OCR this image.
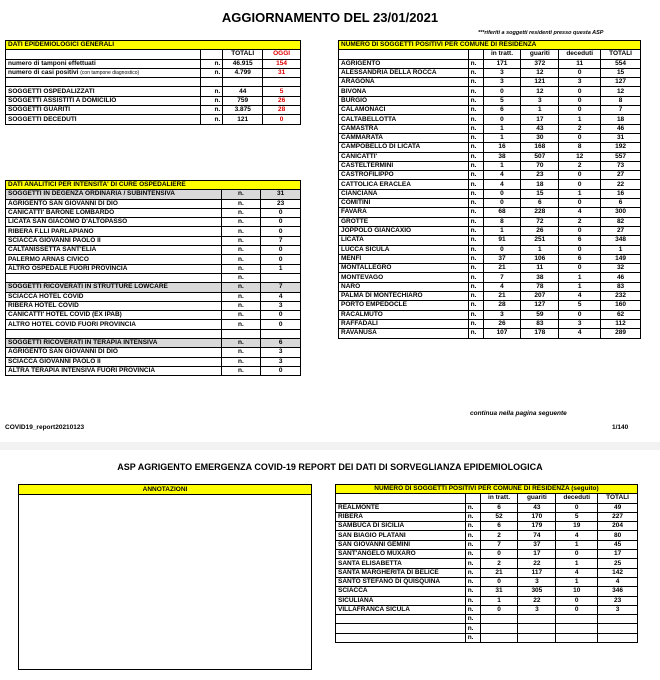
AGGIORNAMENTO DEL 23/01/2021
***riferiti a soggetti residenti presso questa ASP
DATI EPIDEMIOLOGICI GENERALI			
		TOTALI	OGGI
numero di tamponi effettuati	n.	46.915	154
numero di casi positivi (con tampone diagnostico)	n.	4.799	31

SOGGETTI OSPEDALIZZATI	n.	44	5
SOGGETTI ASSISTITI A DOMICILIO	n.	759	26
SOGGETTI GUARITI	n.	3.875	28
SOGGETTI DECEDUTI	n.	121	0
DATI ANALITICI PER INTENSITA' DI CURE OSPEDALIERE		
SOGGETTI IN DEGENZA ORDINARIA / SUBINTENSIVA	n.	31
AGRIGENTO SAN GIOVANNI DI DIO	n.	23
CANICATTI' BARONE LOMBARDO	n.	0
LICATA SAN GIACOMO D'ALTOPASSO	n.	0
RIBERA F.LLI PARLAPIANO	n.	0
SCIACCA GIOVANNI PAOLO II	n.	7
CALTANISSETTA SANT'ELIA	n.	0
PALERMO ARNAS CIVICO	n.	0
ALTRO OSPEDALE FUORI PROVINCIA	n.	1
	n.	
SOGGETTI RICOVERATI IN STRUTTURE LOWCARE	n.	7
SCIACCA HOTEL COVID	n.	4
RIBERA HOTEL COVID	n.	3
CANICATTI' HOTEL COVID (EX IPAB)	n.	0
ALTRO HOTEL COVID FUORI PROVINCIA	n.	0

SOGGETTI RICOVERATI IN TERAPIA INTENSIVA	n.	6
AGRIGENTO SAN GIOVANNI DI DIO	n.	3
SCIACCA GIOVANNI PAOLO II	n.	3
ALTRA TERAPIA INTENSIVA FUORI PROVINCIA	n.	0
NUMERO DI SOGGETTI POSITIVI PER COMUNE DI RESIDENZA					
		in tratt.	guariti	deceduti	TOTALI
AGRIGENTO	n.	171	372	11	554
ALESSANDRIA DELLA ROCCA	n.	3	12	0	15
ARAGONA	n.	3	121	3	127
BIVONA	n.	0	12	0	12
BURGIO	n.	5	3	0	8
CALAMONACI	n.	6	1	0	7
CALTABELLOTTA	n.	0	17	1	18
CAMASTRA	n.	1	43	2	46
CAMMARATA	n.	1	30	0	31
CAMPOBELLO DI LICATA	n.	16	168	8	192
CANICATTI'	n.	38	507	12	557
CASTELTERMINI	n.	1	70	2	73
CASTROFILIPPO	n.	4	23	0	27
CATTOLICA ERACLEA	n.	4	18	0	22
CIANCIANA	n.	0	15	1	16
COMITINI	n.	0	6	0	6
FAVARA	n.	68	228	4	300
GROTTE	n.	8	72	2	82
JOPPOLO GIANCAXIO	n.	1	26	0	27
LICATA	n.	91	251	6	348
LUCCA SICULA	n.	0	1	0	1
MENFI	n.	37	106	6	149
MONTALLEGRO	n.	21	11	0	32
MONTEVAGO	n.	7	38	1	46
NARO	n.	4	78	1	83
PALMA DI MONTECHIARO	n.	21	207	4	232
PORTO EMPEDOCLE	n.	28	127	5	160
RACALMUTO	n.	3	59	0	62
RAFFADALI	n.	26	83	3	112
RAVANUSA	n.	107	178	4	289
continua nella pagina seguente
COVID19_report20210123	1/140
ASP AGRIGENTO EMERGENZA COVID-19 REPORT DEI DATI DI SORVEGLIANZA EPIDEMIOLOGICA
ANNOTAZIONI	NUMERO DI SOGGETTI POSITIVI PER COMUNE DI RESIDENZA (seguito)					
		in tratt.	guariti	deceduti	TOTALI
REALMONTE	n.	6	43	0	49
RIBERA	n.	52	170	5	227
SAMBUCA DI SICILIA	n.	6	179	19	204
SAN BIAGIO PLATANI	n.	2	74	4	80
SAN GIOVANNI GEMINI	n.	7	37	1	45
SANT'ANGELO MUXARO	n.	0	17	0	17
SANTA ELISABETTA	n.	2	22	1	25
SANTA MARGHERITA DI BELICE	n.	21	117	4	142
SANTO STEFANO DI QUISQUINA	n.	0	3	1	4
SCIACCA	n.	31	305	10	346
SICULIANA	n.	1	22	0	23
VILLAFRANCA SICULA	n.	0	3	0	3
	n.				
	n.				
	n.				
